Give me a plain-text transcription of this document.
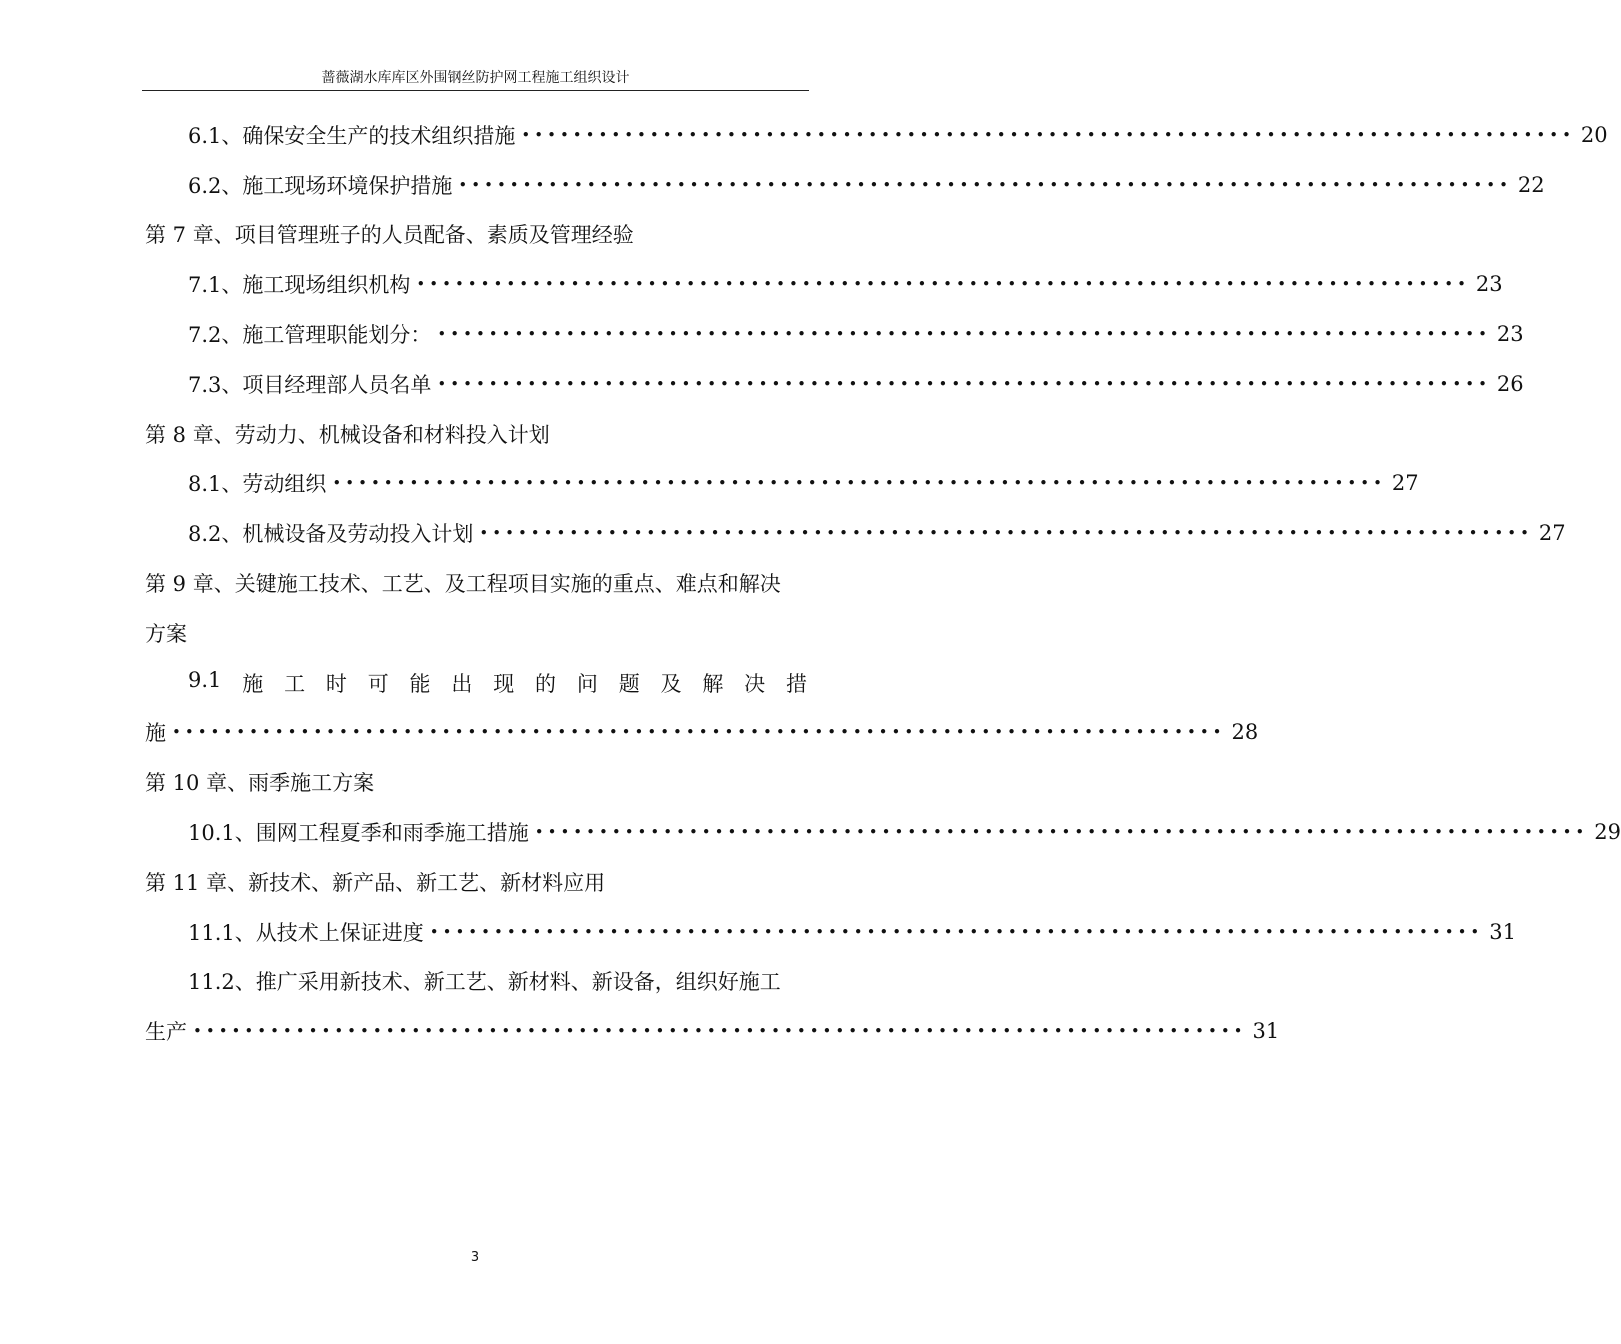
蔷薇湖水库库区外围钢丝防护网工程施工组织设计
6.1、确保安全生产的技术组织措施 •••••••••••••••••••••••••••••••••••••••••••••••••••••••••••••••••••••••••••••••••• 20
6.2、施工现场环境保护措施 •••••••••••••••••••••••••••••••••••••••••••••••••••••••••••••••••••••••••••••••••• 22
第 7 章、项目管理班子的人员配备、素质及管理经验
7.1、施工现场组织机构 •••••••••••••••••••••••••••••••••••••••••••••••••••••••••••••••••••••••••••••••••• 23
7.2、施工管理职能划分： •••••••••••••••••••••••••••••••••••••••••••••••••••••••••••••••••••••••••••••••••• 23
7.3、项目经理部人员名单 •••••••••••••••••••••••••••••••••••••••••••••••••••••••••••••••••••••••••••••••••• 26
第 8 章、劳动力、机械设备和材料投入计划
8.1、劳动组织 •••••••••••••••••••••••••••••••••••••••••••••••••••••••••••••••••••••••••••••••••• 27
8.2、机械设备及劳动投入计划 •••••••••••••••••••••••••••••••••••••••••••••••••••••••••••••••••••••••••••••••••• 27
第 9 章、关键施工技术、工艺、及工程项目实施的重点、难点和解决
方案
9.1 施 工 时 可 能 出 现 的 问 题 及 解 决 措
施 •••••••••••••••••••••••••••••••••••••••••••••••••••••••••••••••••••••••••••••••••• 28
第 10 章、雨季施工方案
10.1、围网工程夏季和雨季施工措施 •••••••••••••••••••••••••••••••••••••••••••••••••••••••••••••••••••••••••••••••••• 29
第 11 章、新技术、新产品、新工艺、新材料应用
11.1、从技术上保证进度 •••••••••••••••••••••••••••••••••••••••••••••••••••••••••••••••••••••••••••••••••• 31
11.2、推广采用新技术、新工艺、新材料、新设备，组织好施工
生产 •••••••••••••••••••••••••••••••••••••••••••••••••••••••••••••••••••••••••••••••••• 31
3
